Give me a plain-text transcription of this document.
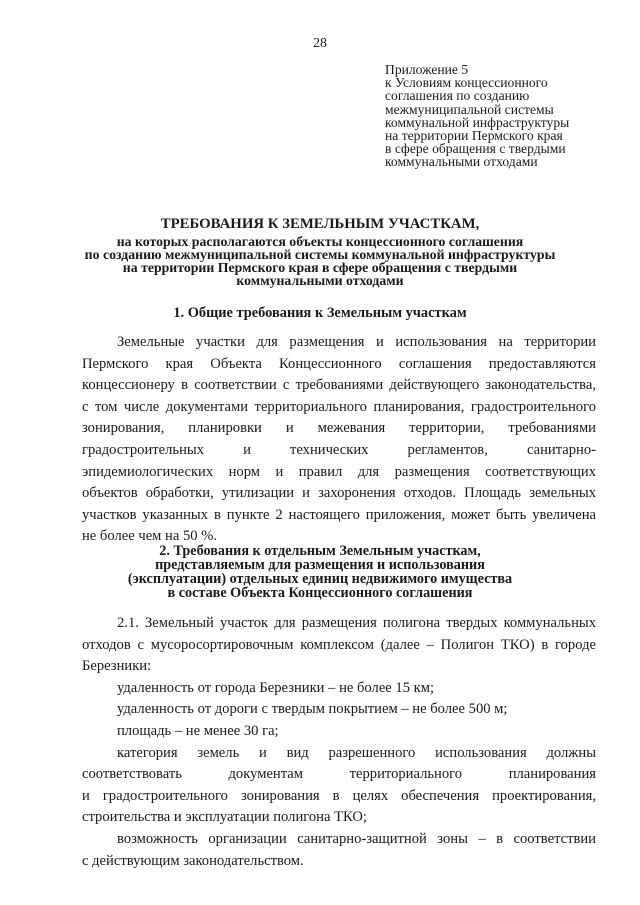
28
Приложение 5
к Условиям концессионного
соглашения по созданию
межмуниципальной системы
коммунальной инфраструктуры
на территории Пермского края
в сфере обращения с твердыми
коммунальными отходами
ТРЕБОВАНИЯ К ЗЕМЕЛЬНЫМ УЧАСТКАМ,
на которых располагаются объекты концессионного соглашения
по созданию межмуниципальной системы коммунальной инфраструктуры
на территории Пермского края в сфере обращения с твердыми
коммунальными отходами
1. Общие требования к Земельным участкам
Земельные участки для размещения и использования на территории
Пермского края Объекта Концессионного соглашения предоставляются
концессионеру в соответствии с требованиями действующего законодательства,
с том числе документами территориального планирования, градостроительного
зонирования, планировки и межевания территории, требованиями
градостроительных и технических регламентов, санитарно-
эпидемиологических норм и правил для размещения соответствующих
объектов обработки, утилизации и захоронения отходов. Площадь земельных
участков указанных в пункте 2 настоящего приложения, может быть увеличена
не более чем на 50 %.
2. Требования к отдельным Земельным участкам,
представляемым для размещения и использования
(эксплуатации) отдельных единиц недвижимого имущества
в составе Объекта Концессионного соглашения
2.1. Земельный участок для размещения полигона твердых коммунальных
отходов с мусоросортировочным комплексом (далее – Полигон ТКО) в городе
Березники:
удаленность от города Березники – не более 15 км;
удаленность от дороги с твердым покрытием – не более 500 м;
площадь – не менее 30 га;
категория земель и вид разрешенного использования должны
соответствовать документам территориального планирования
и градостроительного зонирования в целях обеспечения проектирования,
строительства и эксплуатации полигона ТКО;
возможность организации санитарно-защитной зоны – в соответствии
с действующим законодательством.
